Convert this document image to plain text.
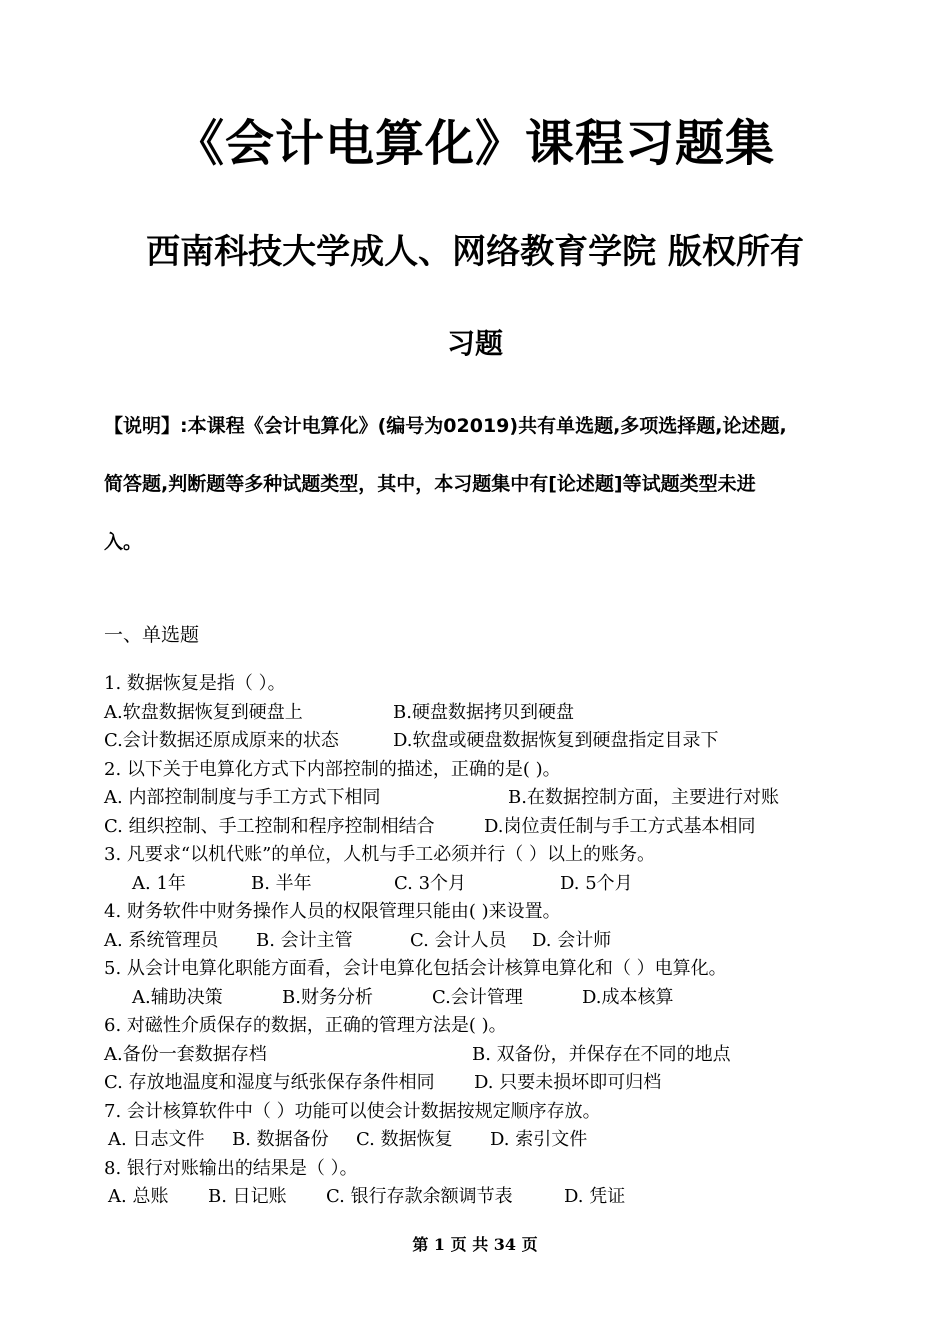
《会计电算化》课程习题集
西南科技大学成人、网络教育学院 版权所有
习题
【说明】:本课程《会计电算化》(编号为02019)共有单选题,多项选择题,论述题,
简答题,判断题等多种试题类型，其中，本习题集中有[论述题]等试题类型未进
入。
一、单选题
1. 数据恢复是指（ ）。
A.软盘数据恢复到硬盘上	B.硬盘数据拷贝到硬盘
C.会计数据还原成原来的状态	D.软盘或硬盘数据恢复到硬盘指定目录下
2. 以下关于电算化方式下内部控制的描述，正确的是( )。
A. 内部控制制度与手工方式下相同	B.在数据控制方面，主要进行对账
C. 组织控制、手工控制和程序控制相结合	D.岗位责任制与手工方式基本相同
3. 凡要求“以机代账”的单位，人机与手工必须并行（ ）以上的账务。
A. 1年	B. 半年	C. 3个月	D. 5个月
4. 财务软件中财务操作人员的权限管理只能由( )来设置。
A. 系统管理员 B. 会计主管	C. 会计人员 D. 会计师
5. 从会计电算化职能方面看，会计电算化包括会计核算电算化和（ ）电算化。
A.辅助决策	B.财务分析	C.会计管理	D.成本核算
6. 对磁性介质保存的数据，正确的管理方法是( )。
A.备份一套数据存档	B. 双备份，并保存在不同的地点
C. 存放地温度和湿度与纸张保存条件相同 D. 只要未损坏即可归档
7. 会计核算软件中（ ）功能可以使会计数据按规定顺序存放。
A. 日志文件 B. 数据备份 C. 数据恢复 D. 索引文件
8. 银行对账输出的结果是（ ）。
A. 总账 B. 日记账 C. 银行存款余额调节表	D. 凭证
第 1 页 共 34 页
